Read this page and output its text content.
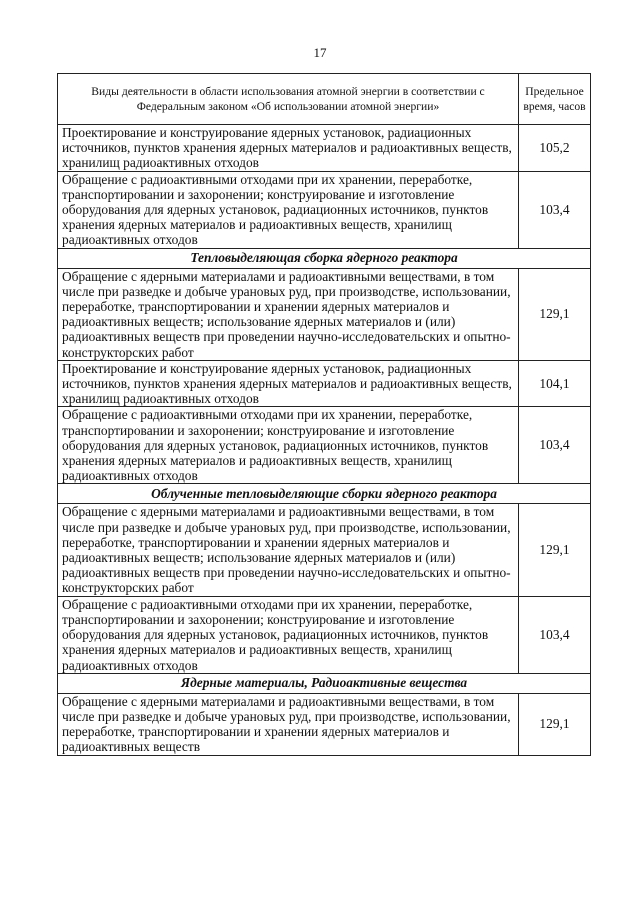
17
Виды деятельности в области использования атомной энергии в соответствии с Федеральным законом «Об использовании атомной энергии»	Предельное время, часов
Проектирование и конструирование ядерных установок, радиационных источников, пунктов хранения ядерных материалов и радиоактивных веществ, хранилищ радиоактивных отходов	105,2
Обращение с радиоактивными отходами при их хранении, переработке, транспортировании и захоронении; конструирование и изготовление оборудования для ядерных установок, радиационных источников, пунктов хранения ядерных материалов и радиоактивных веществ, хранилищ радиоактивных отходов	103,4
Тепловыделяющая сборка ядерного реактора	
Обращение с ядерными материалами и радиоактивными веществами, в том числе при разведке и добыче урановых руд, при производстве, использовании, переработке, транспортировании и хранении ядерных материалов и радиоактивных веществ; использование ядерных материалов и (или) радиоактивных веществ при проведении научно-исследовательских и опытно-конструкторских работ	129,1
Проектирование и конструирование ядерных установок, радиационных источников, пунктов хранения ядерных материалов и радиоактивных веществ, хранилищ радиоактивных отходов	104,1
Обращение с радиоактивными отходами при их хранении, переработке, транспортировании и захоронении; конструирование и изготовление оборудования для ядерных установок, радиационных источников, пунктов хранения ядерных материалов и радиоактивных веществ, хранилищ радиоактивных отходов	103,4
Облученные тепловыделяющие сборки ядерного реактора	
Обращение с ядерными материалами и радиоактивными веществами, в том числе при разведке и добыче урановых руд, при производстве, использовании, переработке, транспортировании и хранении ядерных материалов и радиоактивных веществ; использование ядерных материалов и (или) радиоактивных веществ при проведении научно-исследовательских и опытно-конструкторских работ	129,1
Обращение с радиоактивными отходами при их хранении, переработке, транспортировании и захоронении; конструирование и изготовление оборудования для ядерных установок, радиационных источников, пунктов хранения ядерных материалов и радиоактивных веществ, хранилищ радиоактивных отходов	103,4
Ядерные материалы, Радиоактивные вещества	
Обращение с ядерными материалами и радиоактивными веществами, в том числе при разведке и добыче урановых руд, при производстве, использовании, переработке, транспортировании и хранении ядерных материалов и радиоактивных веществ	129,1
